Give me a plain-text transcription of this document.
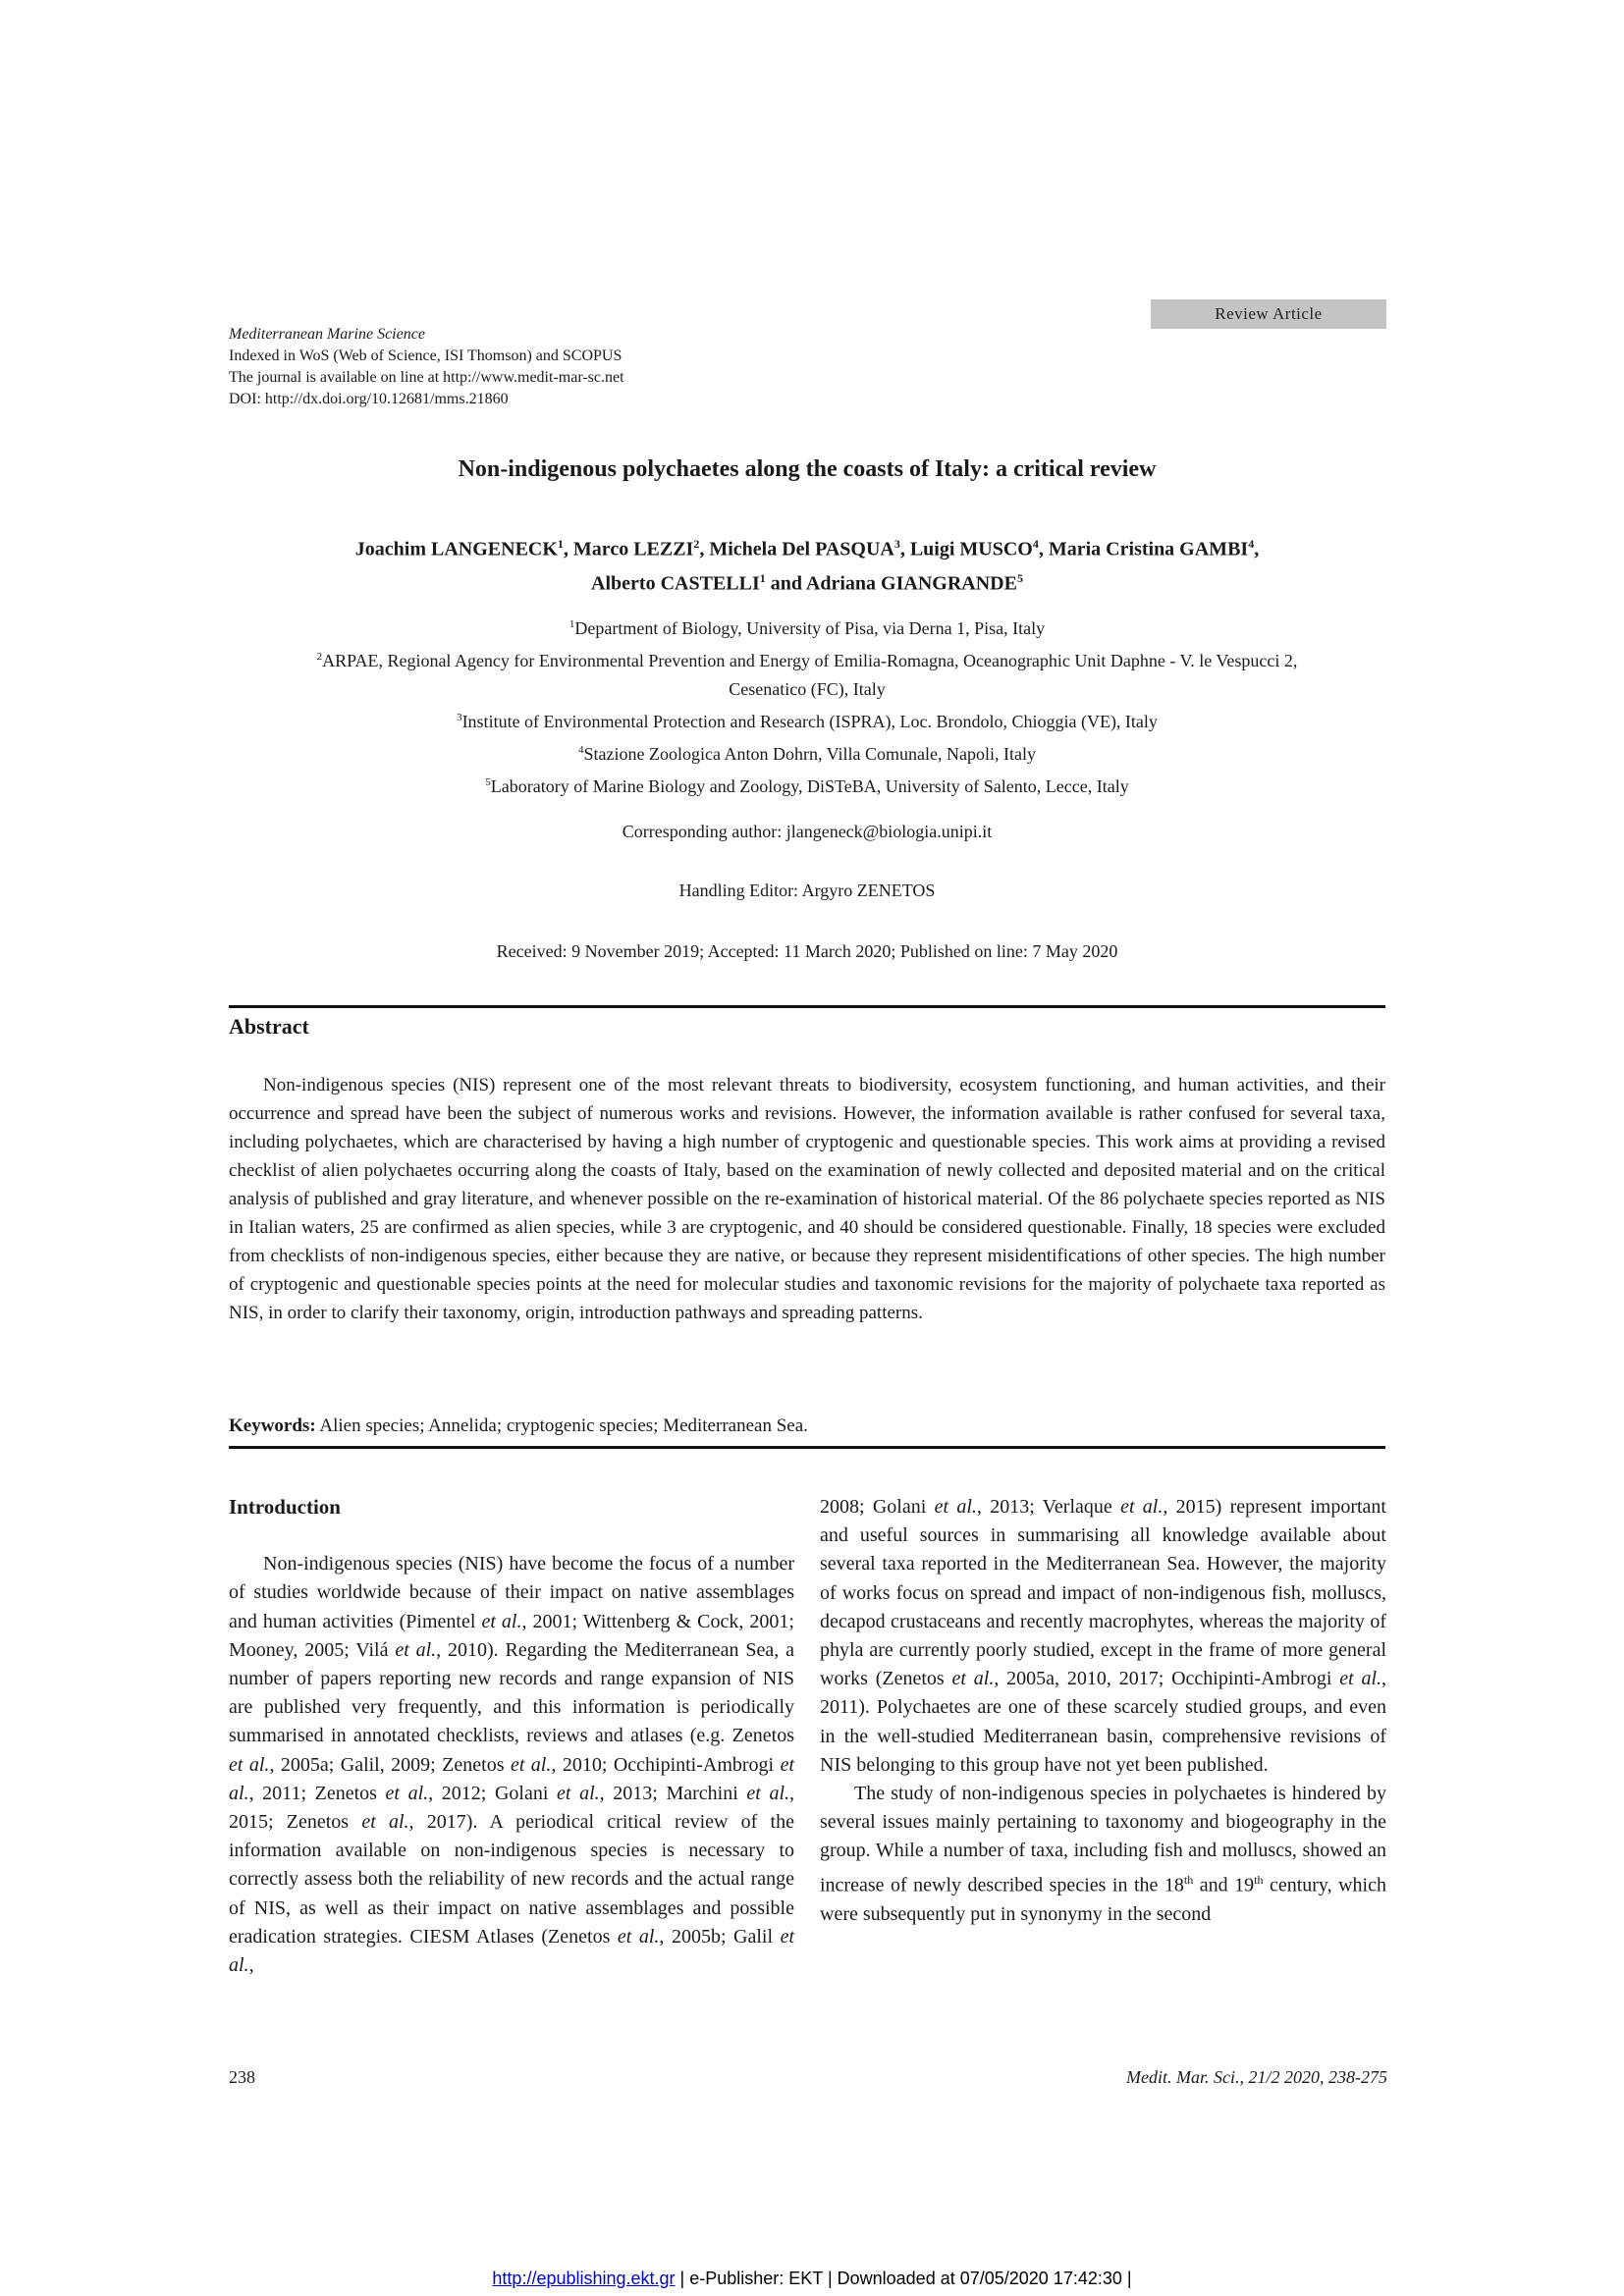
Mediterranean Marine Science
Indexed in WoS (Web of Science, ISI Thomson) and SCOPUS
The journal is available on line at http://www.medit-mar-sc.net
DOI: http://dx.doi.org/10.12681/mms.21860
Review Article
Non-indigenous polychaetes along the coasts of Italy: a critical review
Joachim LANGENECK$^1$, Marco LEZZI$^2$, Michela Del PASQUA$^3$, Luigi MUSCO$^4$, Maria Cristina GAMBI$^4$,
Alberto CASTELLI$^1$ and Adriana GIANGRANDE$^5$
$^1$Department of Biology, University of Pisa, via Derna 1, Pisa, Italy
$^2$ARPAE, Regional Agency for Environmental Prevention and Energy of Emilia-Romagna, Oceanographic Unit Daphne - V. le Vespucci 2, Cesenatico (FC), Italy
$^3$Institute of Environmental Protection and Research (ISPRA), Loc. Brondolo, Chioggia (VE), Italy
$^4$Stazione Zoologica Anton Dohrn, Villa Comunale, Napoli, Italy
$^5$Laboratory of Marine Biology and Zoology, DiSTeBA, University of Salento, Lecce, Italy
Corresponding author: jlangeneck@biologia.unipi.it
Handling Editor: Argyro ZENETOS
Received: 9 November 2019; Accepted: 11 March 2020; Published on line: 7 May 2020
Abstract
Non-indigenous species (NIS) represent one of the most relevant threats to biodiversity, ecosystem functioning, and human activities, and their occurrence and spread have been the subject of numerous works and revisions. However, the information available is rather confused for several taxa, including polychaetes, which are characterised by having a high number of cryptogenic and questionable species. This work aims at providing a revised checklist of alien polychaetes occurring along the coasts of Italy, based on the examination of newly collected and deposited material and on the critical analysis of published and gray literature, and whenever possible on the re-examination of historical material. Of the 86 polychaete species reported as NIS in Italian waters, 25 are confirmed as alien species, while 3 are cryptogenic, and 40 should be considered questionable. Finally, 18 species were excluded from checklists of non-indigenous species, either because they are native, or because they represent misidentifications of other species. The high number of cryptogenic and questionable species points at the need for molecular studies and taxonomic revisions for the majority of polychaete taxa reported as NIS, in order to clarify their taxonomy, origin, introduction pathways and spreading patterns.
Keywords: Alien species; Annelida; cryptogenic species; Mediterranean Sea.
Introduction

Non-indigenous species (NIS) have become the focus of a number of studies worldwide because of their impact on native assemblages and human activities (Pimentel et al., 2001; Wittenberg & Cock, 2001; Mooney, 2005; Vilá et al., 2010). Regarding the Mediterranean Sea, a number of papers reporting new records and range expansion of NIS are published very frequently, and this information is periodically summarised in annotated checklists, reviews and atlases (e.g. Zenetos et al., 2005a; Galil, 2009; Zenetos et al., 2010; Occhipinti-Ambrogi et al., 2011; Zenetos et al., 2012; Golani et al., 2013; Marchini et al., 2015; Zenetos et al., 2017). A periodical critical review of the information available on non-indigenous species is necessary to correctly assess both the reliability of new records and the actual range of NIS, as well as their impact on native assemblages and possible eradication strategies. CIESM Atlases (Zenetos et al., 2005b; Galil et al.,

2008; Golani et al., 2013; Verlaque et al., 2015) represent important and useful sources in summarising all knowledge available about several taxa reported in the Mediterranean Sea. However, the majority of works focus on spread and impact of non-indigenous fish, molluscs, decapod crustaceans and recently macrophytes, whereas the majority of phyla are currently poorly studied, except in the frame of more general works (Zenetos et al., 2005a, 2010, 2017; Occhipinti-Ambrogi et al., 2011). Polychaetes are one of these scarcely studied groups, and even in the well-studied Mediterranean basin, comprehensive revisions of NIS belonging to this group have not yet been published.

The study of non-indigenous species in polychaetes is hindered by several issues mainly pertaining to taxonomy and biogeography in the group. While a number of taxa, including fish and molluscs, showed an increase of newly described species in the 18th and 19th century, which were subsequently put in synonymy in the second

238	Medit. Mar. Sci., 21/2 2020, 238-275
http://epublishing.ekt.gr | e-Publisher: EKT | Downloaded at 07/05/2020 17:42:30 |
